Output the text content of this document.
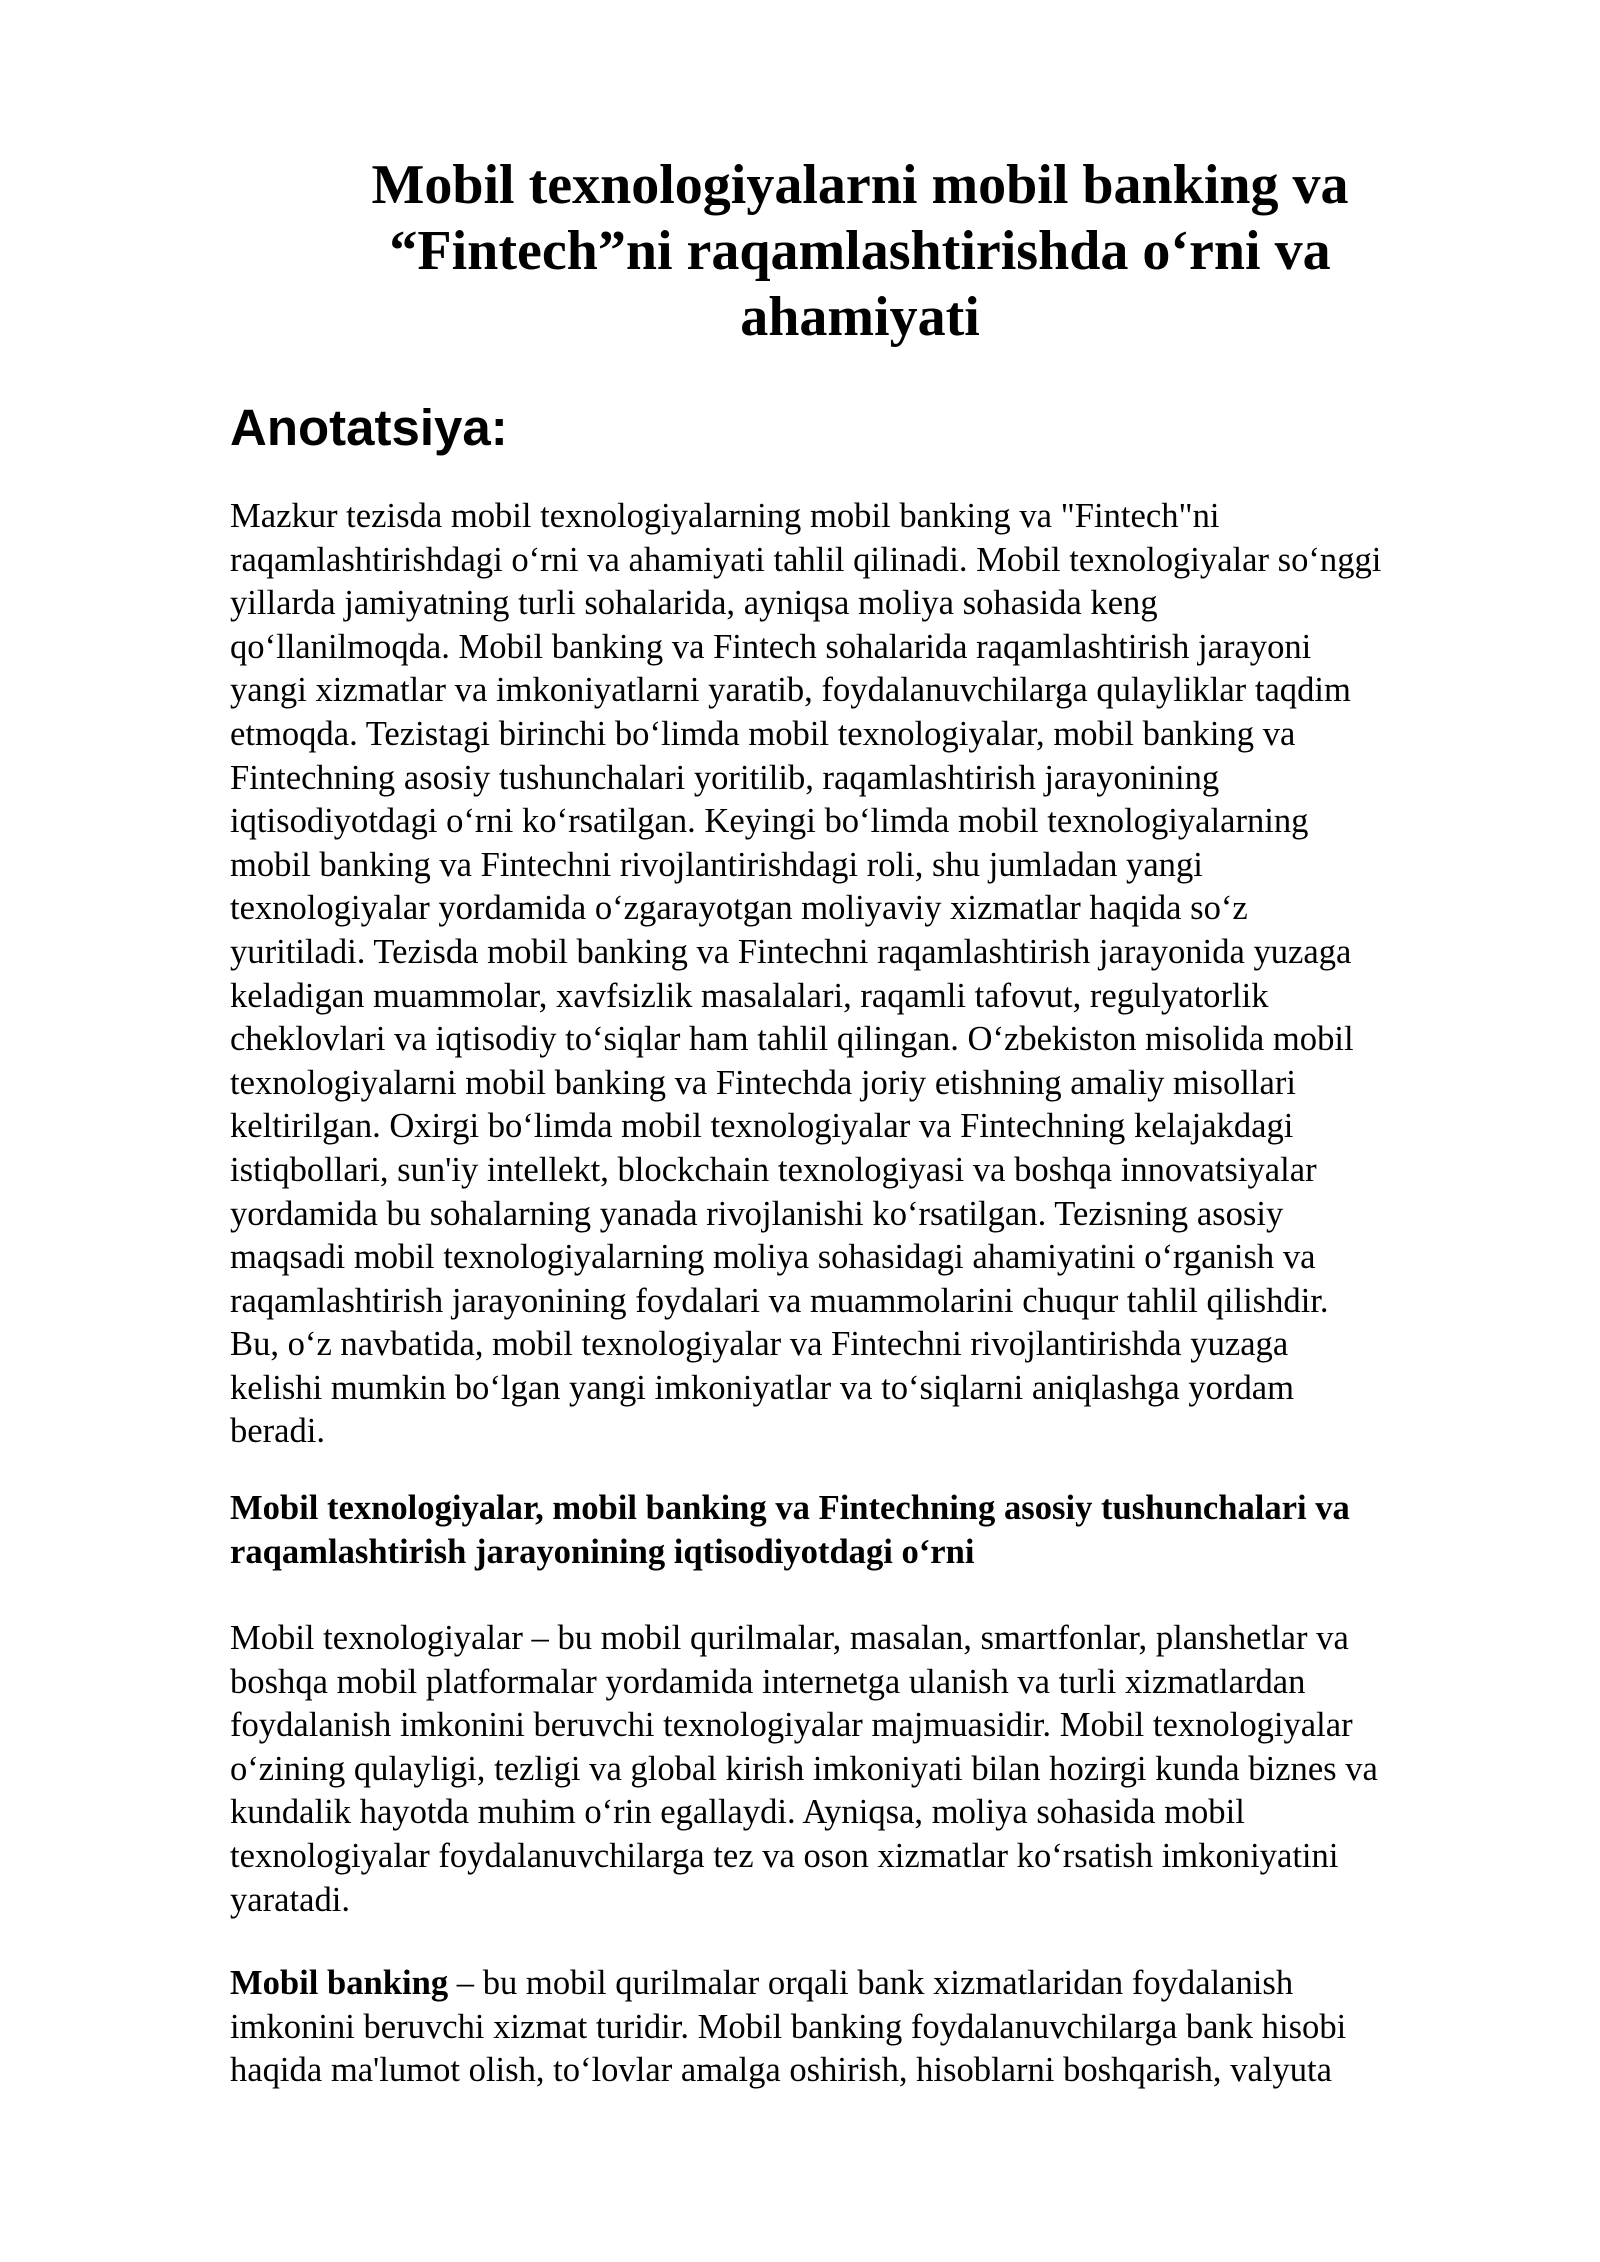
Mobil texnologiyalarni mobil banking va
“Fintech”ni raqamlashtirishda o‘rni va
ahamiyati
Anotatsiya:

Mazkur tezisda mobil texnologiyalarning mobil banking va "Fintech"ni
raqamlashtirishdagi o‘rni va ahamiyati tahlil qilinadi. Mobil texnologiyalar so‘nggi
yillarda jamiyatning turli sohalarida, ayniqsa moliya sohasida keng
qo‘llanilmoqda. Mobil banking va Fintech sohalarida raqamlashtirish jarayoni
yangi xizmatlar va imkoniyatlarni yaratib, foydalanuvchilarga qulayliklar taqdim
etmoqda. Tezistagi birinchi bo‘limda mobil texnologiyalar, mobil banking va
Fintechning asosiy tushunchalari yoritilib, raqamlashtirish jarayonining
iqtisodiyotdagi o‘rni ko‘rsatilgan. Keyingi bo‘limda mobil texnologiyalarning
mobil banking va Fintechni rivojlantirishdagi roli, shu jumladan yangi
texnologiyalar yordamida o‘zgarayotgan moliyaviy xizmatlar haqida so‘z
yuritiladi. Tezisda mobil banking va Fintechni raqamlashtirish jarayonida yuzaga
keladigan muammolar, xavfsizlik masalalari, raqamli tafovut, regulyatorlik
cheklovlari va iqtisodiy to‘siqlar ham tahlil qilingan. O‘zbekiston misolida mobil
texnologiyalarni mobil banking va Fintechda joriy etishning amaliy misollari
keltirilgan. Oxirgi bo‘limda mobil texnologiyalar va Fintechning kelajakdagi
istiqbollari, sun'iy intellekt, blockchain texnologiyasi va boshqa innovatsiyalar
yordamida bu sohalarning yanada rivojlanishi ko‘rsatilgan. Tezisning asosiy
maqsadi mobil texnologiyalarning moliya sohasidagi ahamiyatini o‘rganish va
raqamlashtirish jarayonining foydalari va muammolarini chuqur tahlil qilishdir.
Bu, o‘z navbatida, mobil texnologiyalar va Fintechni rivojlantirishda yuzaga
kelishi mumkin bo‘lgan yangi imkoniyatlar va to‘siqlarni aniqlashga yordam
beradi.

Mobil texnologiyalar, mobil banking va Fintechning asosiy tushunchalari va
raqamlashtirish jarayonining iqtisodiyotdagi o‘rni

Mobil texnologiyalar – bu mobil qurilmalar, masalan, smartfonlar, planshetlar va
boshqa mobil platformalar yordamida internetga ulanish va turli xizmatlardan
foydalanish imkonini beruvchi texnologiyalar majmuasidir. Mobil texnologiyalar
o‘zining qulayligi, tezligi va global kirish imkoniyati bilan hozirgi kunda biznes va
kundalik hayotda muhim o‘rin egallaydi. Ayniqsa, moliya sohasida mobil
texnologiyalar foydalanuvchilarga tez va oson xizmatlar ko‘rsatish imkoniyatini
yaratadi.

Mobil banking – bu mobil qurilmalar orqali bank xizmatlaridan foydalanish
imkonini beruvchi xizmat turidir. Mobil banking foydalanuvchilarga bank hisobi
haqida ma'lumot olish, to‘lovlar amalga oshirish, hisoblarni boshqarish, valyuta
